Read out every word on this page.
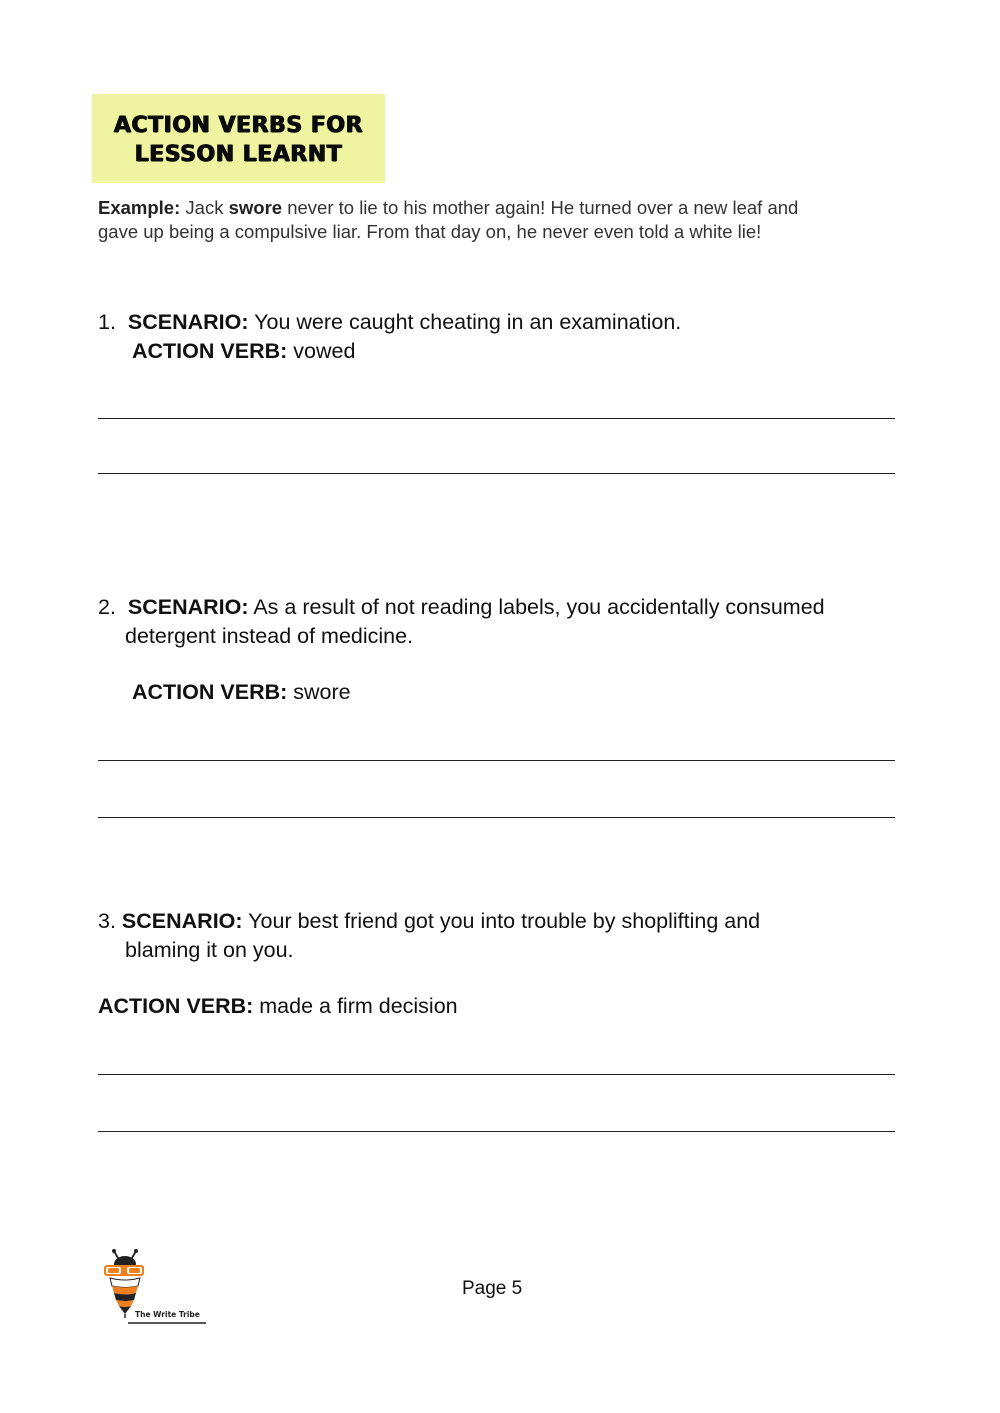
ACTION VERBS FOR
LESSON LEARNT
Example: Jack swore never to lie to his mother again! He turned over a new leaf and
gave up being a compulsive liar. From that day on, he never even told a white lie!
1. SCENARIO: You were caught cheating in an examination.
ACTION VERB: vowed
2. SCENARIO: As a result of not reading labels, you accidentally consumed
detergent instead of medicine.
ACTION VERB: swore
3. SCENARIO: Your best friend got you into trouble by shoplifting and
blaming it on you.
ACTION VERB: made a firm decision
The Write Tribe
Page 5
